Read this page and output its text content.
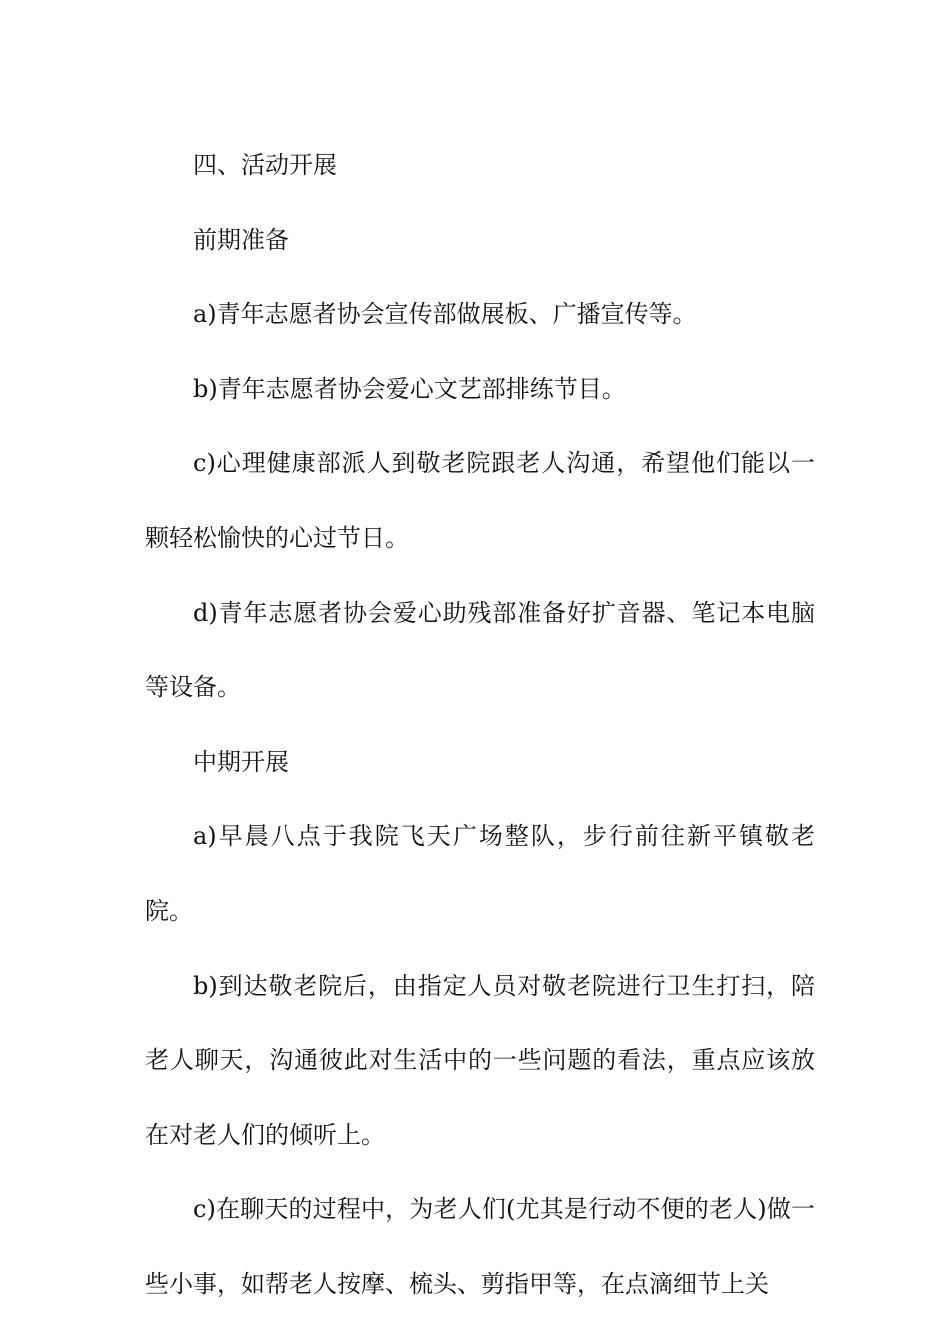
四、活动开展

前期准备

a)青年志愿者协会宣传部做展板、广播宣传等。

b)青年志愿者协会爱心文艺部排练节目。

c)心理健康部派人到敬老院跟老人沟通，希望他们能以一颗轻松愉快的心过节日。

d)青年志愿者协会爱心助残部准备好扩音器、笔记本电脑等设备。

中期开展

a)早晨八点于我院飞天广场整队，步行前往新平镇敬老院。

b)到达敬老院后，由指定人员对敬老院进行卫生打扫，陪老人聊天，沟通彼此对生活中的一些问题的看法，重点应该放在对老人们的倾听上。

c)在聊天的过程中，为老人们(尤其是行动不便的老人)做一些小事，如帮老人按摩、梳头、剪指甲等，在点滴细节上关
